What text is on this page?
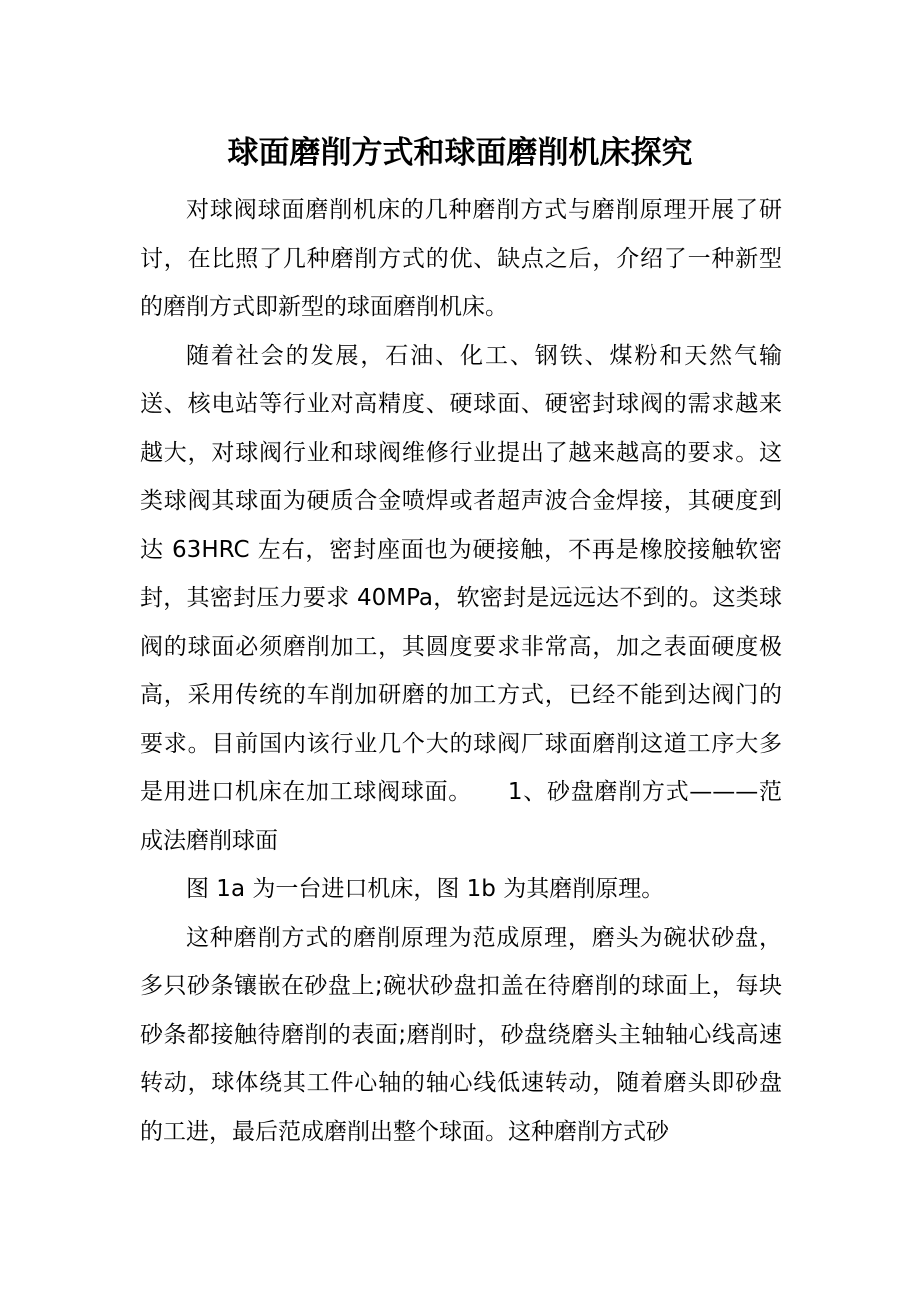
球面磨削方式和球面磨削机床探究

对球阀球面磨削机床的几种磨削方式与磨削原理开展了研讨，在比照了几种磨削方式的优、缺点之后，介绍了一种新型的磨削方式即新型的球面磨削机床。

随着社会的发展，石油、化工、钢铁、煤粉和天然气输送、核电站等行业对高精度、硬球面、硬密封球阀的需求越来越大，对球阀行业和球阀维修行业提出了越来越高的要求。这类球阀其球面为硬质合金喷焊或者超声波合金焊接，其硬度到达 63HRC 左右，密封座面也为硬接触，不再是橡胶接触软密封，其密封压力要求 40MPa，软密封是远远达不到的。这类球阀的球面必须磨削加工，其圆度要求非常高，加之表面硬度极高，采用传统的车削加研磨的加工方式，已经不能到达阀门的要求。目前国内该行业几个大的球阀厂球面磨削这道工序大多是用进口机床在加工球阀球面。　　1、砂盘磨削方式———范成法磨削球面

图 1a 为一台进口机床，图 1b 为其磨削原理。

这种磨削方式的磨削原理为范成原理，磨头为碗状砂盘，多只砂条镶嵌在砂盘上;碗状砂盘扣盖在待磨削的球面上，每块砂条都接触待磨削的表面;磨削时，砂盘绕磨头主轴轴心线高速转动，球体绕其工件心轴的轴心线低速转动，随着磨头即砂盘的工进，最后范成磨削出整个球面。这种磨削方式砂
